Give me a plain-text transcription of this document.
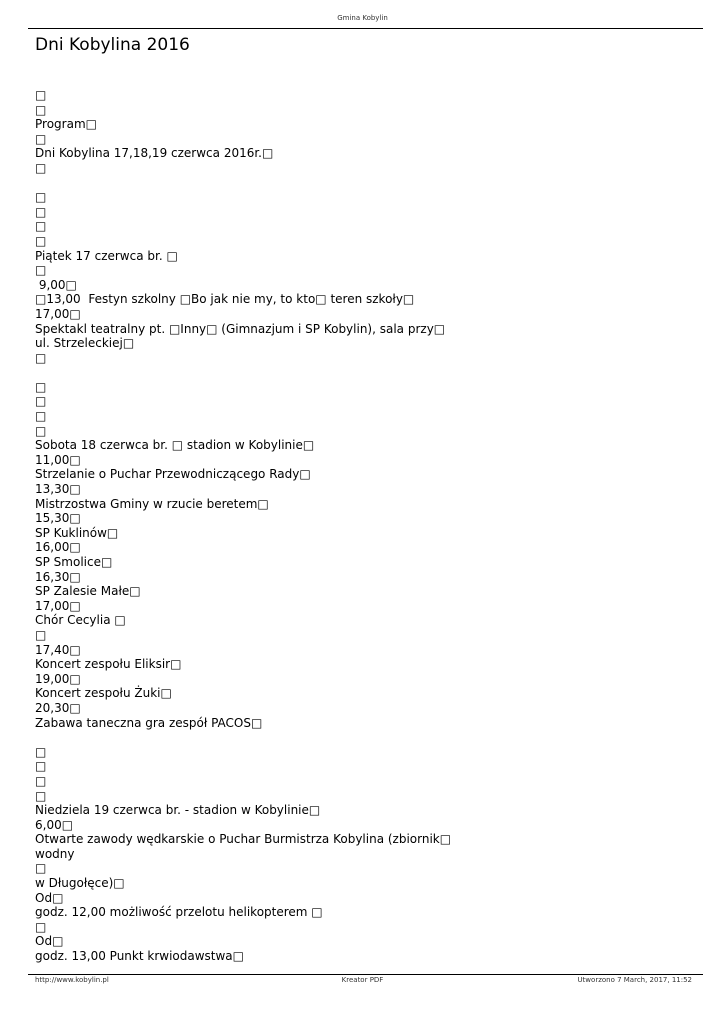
Gmina Kobylin
Dni Kobylina 2016
□
□
Program□
□
Dni Kobylina 17,18,19 czerwca 2016r.□
□
□
□
□
□
Piątek 17 czerwca br. □
□
9,00□
□13,00  Festyn szkolny □Bo jak nie my, to kto□ teren szkoły□
17,00□
Spektakl teatralny pt. □Inny□ (Gimnazjum i SP Kobylin), sala przy□
ul. Strzeleckiej□
□
□
□
□
□
Sobota 18 czerwca br. □ stadion w Kobylinie□
11,00□
Strzelanie o Puchar Przewodniczącego Rady□
13,30□
Mistrzostwa Gminy w rzucie beretem□
15,30□
SP Kuklinów□
16,00□
SP Smolice□
16,30□
SP Zalesie Małe□
17,00□
Chór Cecylia □
□
17,40□
Koncert zespołu Eliksir□
19,00□
Koncert zespołu Żuki□
20,30□
Zabawa taneczna gra zespół PACOS□
□
□
□
□
Niedziela 19 czerwca br. - stadion w Kobylinie□
6,00□
Otwarte zawody wędkarskie o Puchar Burmistrza Kobylina (zbiornik□
wodny
□
w Długołęce)□
Od□
godz. 12,00 możliwość przelotu helikopterem □
□
Od□
godz. 13,00 Punkt krwiodawstwa□
http://www.kobylin.pl	Kreator PDF	Utworzono 7 March, 2017, 11:52
